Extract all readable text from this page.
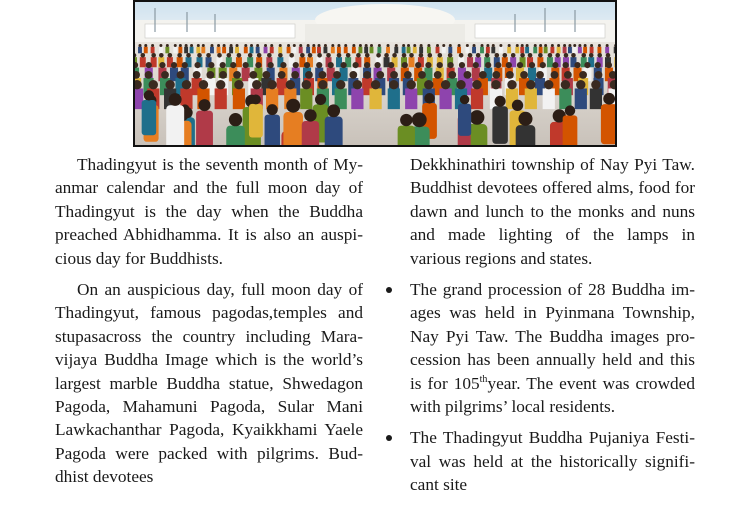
Thadingyut is the seventh month of Myanmar calendar and the full moon day of Thadingyut is the day when the Buddha preached Abhidhamma. It is also an auspicious day for Buddhists.

On an auspicious day, full moon day of Thadingyut, famous pagodas,temples and stupasacross the country including Maravijaya Buddha Image which is the world’s largest marble Buddha statue, Shwedagon Pagoda, Mahamuni Pagoda, Sular Mani Lawkachanthar Pagoda, Kyaikkhami Yaele Pagoda were packed with pilgrims. Buddhist devotees

Dekkhinathiri township of Nay Pyi Taw. Buddhist devotees offered alms, food for dawn and lunch to the monks and nuns and made lighting of the lamps in various regions and states.

The grand procession of 28 Buddha images was held in Pyinmana Township, Nay Pyi Taw. The Buddha images procession has been annually held and this is for 105thyear. The event was crowded with pilgrims’ local residents.
The Thadingyut Buddha Pujaniya Festival was held at the historically significant site
